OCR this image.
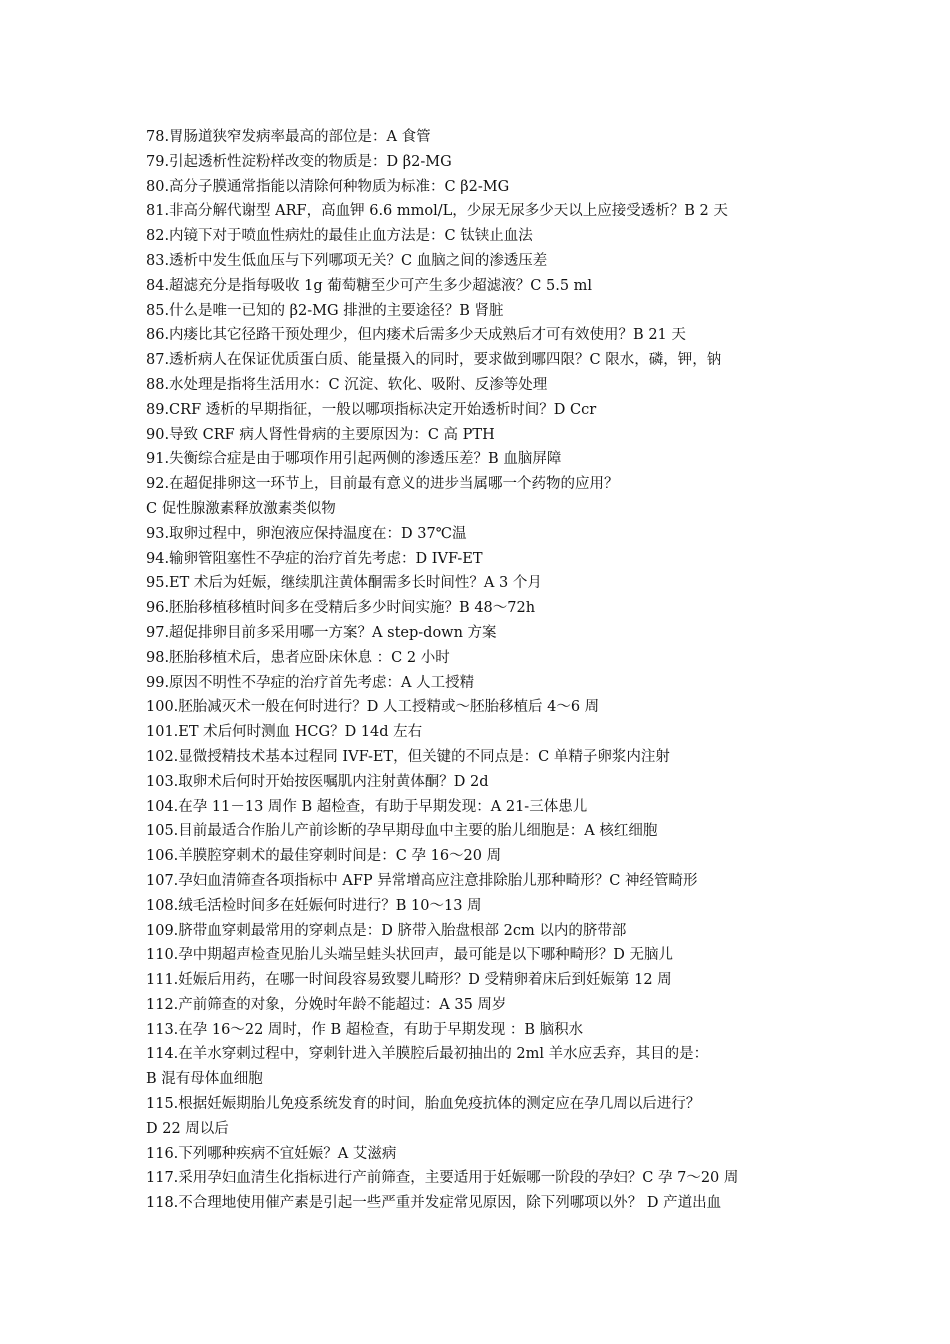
78.胃肠道狭窄发病率最高的部位是：A 食管
79.引起透析性淀粉样改变的物质是：D β2-MG
80.高分子膜通常指能以清除何种物质为标准：C β2-MG
81.非高分解代谢型 ARF，高血钾 6.6 mmol/L，少尿无尿多少天以上应接受透析？B 2 天
82.内镜下对于喷血性病灶的最佳止血方法是：C 钛铗止血法
83.透析中发生低血压与下列哪项无关？C 血脑之间的渗透压差
84.超滤充分是指每吸收 1g 葡萄糖至少可产生多少超滤液？C 5.5 ml
85.什么是唯一已知的 β2-MG 排泄的主要途径？B 肾脏
86.内瘘比其它径路干预处理少，但内瘘术后需多少天成熟后才可有效使用？B 21 天
87.透析病人在保证优质蛋白质、能量摄入的同时，要求做到哪四限？C 限水，磷，钾，钠
88.水处理是指将生活用水：C 沉淀、软化、吸附、反渗等处理
89.CRF 透析的早期指征，一般以哪项指标决定开始透析时间？D Ccr
90.导致 CRF 病人肾性骨病的主要原因为：C 高 PTH
91.失衡综合症是由于哪项作用引起两侧的渗透压差？B 血脑屏障
92.在超促排卵这一环节上，目前最有意义的进步当属哪一个药物的应用？
C 促性腺激素释放激素类似物
93.取卵过程中，卵泡液应保持温度在：D 37℃温
94.输卵管阻塞性不孕症的治疗首先考虑：D IVF-ET
95.ET 术后为妊娠，继续肌注黄体酮需多长时间性？A 3 个月
96.胚胎移植移植时间多在受精后多少时间实施？B 48～72h
97.超促排卵目前多采用哪一方案？A step-down 方案
98.胚胎移植术后，患者应卧床休息 ：C 2 小时
99.原因不明性不孕症的治疗首先考虑：A 人工授精
100.胚胎减灭术一般在何时进行？D 人工授精或～胚胎移植后 4～6 周
101.ET 术后何时测血 HCG？D 14d 左右
102.显微授精技术基本过程同 IVF-ET，但关键的不同点是：C 单精子卵浆内注射
103.取卵术后何时开始按医嘱肌内注射黄体酮？D 2d
104.在孕 11－13 周作 B 超检查，有助于早期发现：A 21-三体患儿
105.目前最适合作胎儿产前诊断的孕早期母血中主要的胎儿细胞是：A 核红细胞
106.羊膜腔穿刺术的最佳穿刺时间是：C 孕 16～20 周
107.孕妇血清筛查各项指标中 AFP 异常增高应注意排除胎儿那种畸形？C 神经管畸形
108.绒毛活检时间多在妊娠何时进行？B 10～13 周
109.脐带血穿刺最常用的穿刺点是：D 脐带入胎盘根部 2cm 以内的脐带部
110.孕中期超声检查见胎儿头端呈蛙头状回声，最可能是以下哪种畸形？D 无脑儿
111.妊娠后用药，在哪一时间段容易致婴儿畸形？D 受精卵着床后到妊娠第 12 周
112.产前筛查的对象，分娩时年龄不能超过：A 35 周岁
113.在孕 16～22 周时，作 B 超检查，有助于早期发现 ：B 脑积水
114.在羊水穿刺过程中，穿刺针进入羊膜腔后最初抽出的 2ml 羊水应丢弃，其目的是：
B 混有母体血细胞
115.根据妊娠期胎儿免疫系统发育的时间，胎血免疫抗体的测定应在孕几周以后进行？
D 22 周以后
116.下列哪种疾病不宜妊娠？A 艾滋病
117.采用孕妇血清生化指标进行产前筛查，主要适用于妊娠哪一阶段的孕妇？C 孕 7～20 周
118.不合理地使用催产素是引起一些严重并发症常见原因，除下列哪项以外？ D 产道出血
